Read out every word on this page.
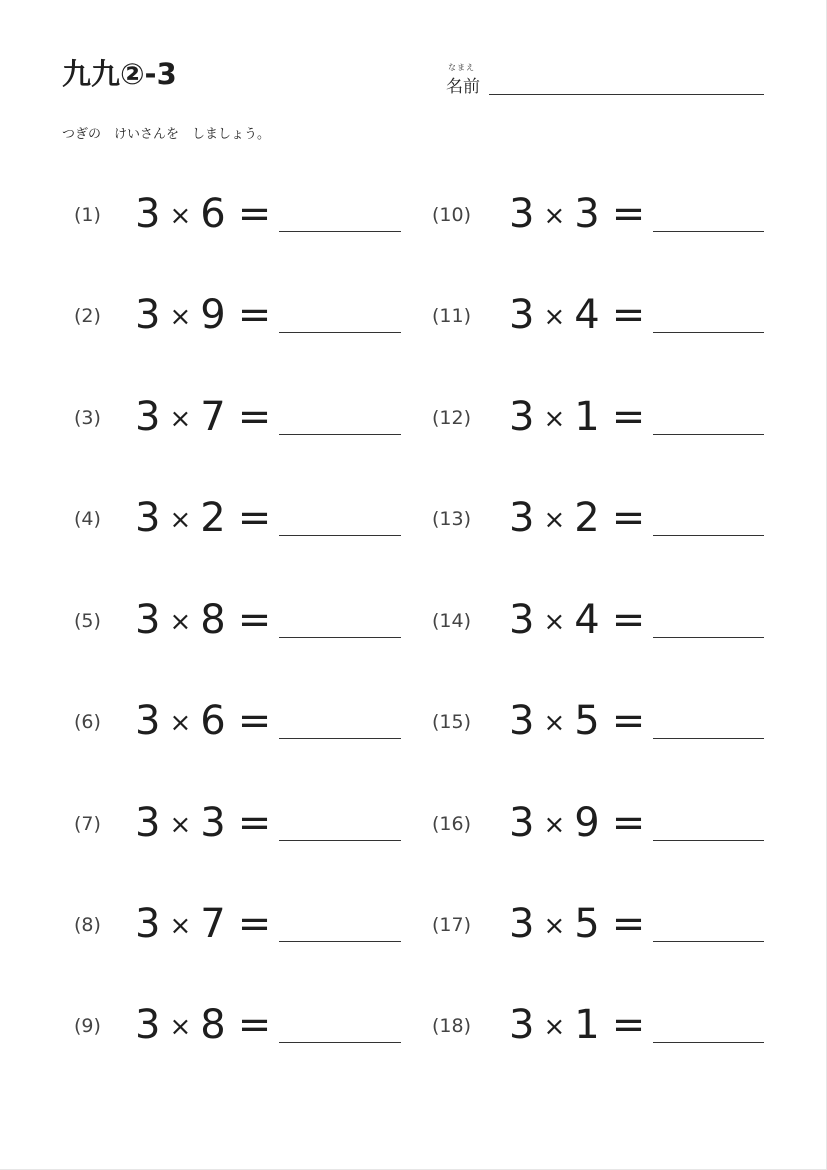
九九②-3	なまえ
名前
つぎの　けいさんを　しましょう。
(1) 3 × 6 =
(2) 3 × 9 =
(3) 3 × 7 =
(4) 3 × 2 =
(5) 3 × 8 =
(6) 3 × 6 =
(7) 3 × 3 =
(8) 3 × 7 =
(9) 3 × 8 =
(10) 3 × 3 =
(11) 3 × 4 =
(12) 3 × 1 =
(13) 3 × 2 =
(14) 3 × 4 =
(15) 3 × 5 =
(16) 3 × 9 =
(17) 3 × 5 =
(18) 3 × 1 =
